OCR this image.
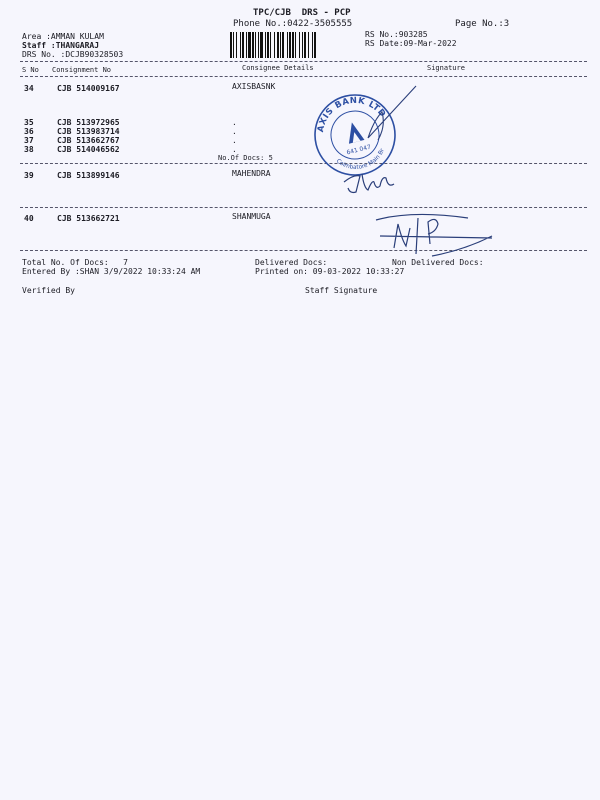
TPC/CJB  DRS - PCP
Phone No.:0422-3505555	Page No.:3
Area :AMMAN KULAM
Staff :THANGARAJ
DRS No. :DCJB90328503
RS No.:903285
RS Date:09-Mar-2022
S No Consignment No	Consignee Details	Signature
34	CJB 514009167	AXISBASNK
35	CJB 513972965	.
36	CJB 513983714	.
37	CJB 513662767	.
38	CJB 514046562	.
No.Of Docs: 5
39	CJB 513899146	MAHENDRA
40	CJB 513662721	SHANMUGA
AXIS BANK LTD
Coimbatore Main Br
641 047
Total No. Of Docs:   7	Delivered Docs:	Non Delivered Docs:
Entered By :SHAN 3/9/2022 10:33:24 AM	Printed on: 09-03-2022 10:33:27
Verified By	Staff Signature
